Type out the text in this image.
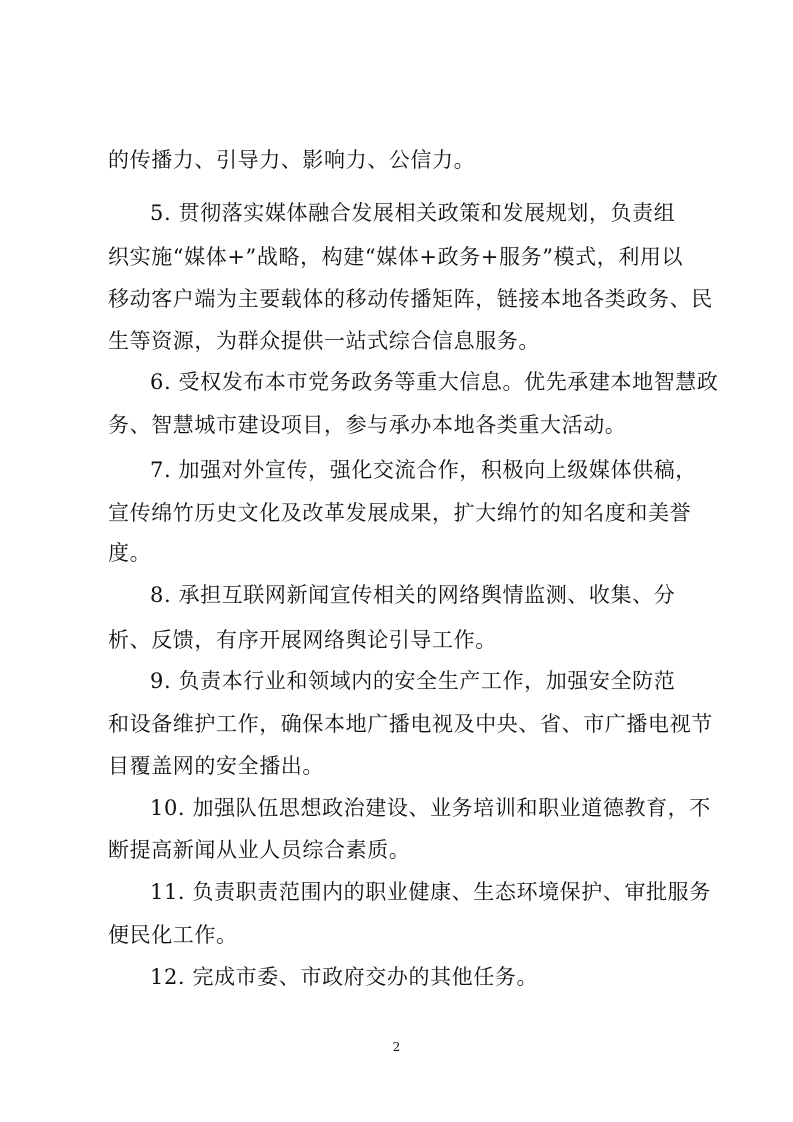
的传播力、引导力、影响力、公信力。
5. 贯彻落实媒体融合发展相关政策和发展规划，负责组
织实施“媒体+”战略，构建“媒体+政务+服务”模式，利用以
移动客户端为主要载体的移动传播矩阵，链接本地各类政务、民
生等资源，为群众提供一站式综合信息服务。
6. 受权发布本市党务政务等重大信息。优先承建本地智慧政
务、智慧城市建设项目，参与承办本地各类重大活动。
7. 加强对外宣传，强化交流合作，积极向上级媒体供稿，
宣传绵竹历史文化及改革发展成果，扩大绵竹的知名度和美誉
度。
8. 承担互联网新闻宣传相关的网络舆情监测、收集、分
析、反馈，有序开展网络舆论引导工作。
9. 负责本行业和领域内的安全生产工作，加强安全防范
和设备维护工作，确保本地广播电视及中央、省、市广播电视节
目覆盖网的安全播出。
10. 加强队伍思想政治建设、业务培训和职业道德教育，不
断提高新闻从业人员综合素质。
11. 负责职责范围内的职业健康、生态环境保护、审批服务
便民化工作。
12. 完成市委、市政府交办的其他任务。
2
